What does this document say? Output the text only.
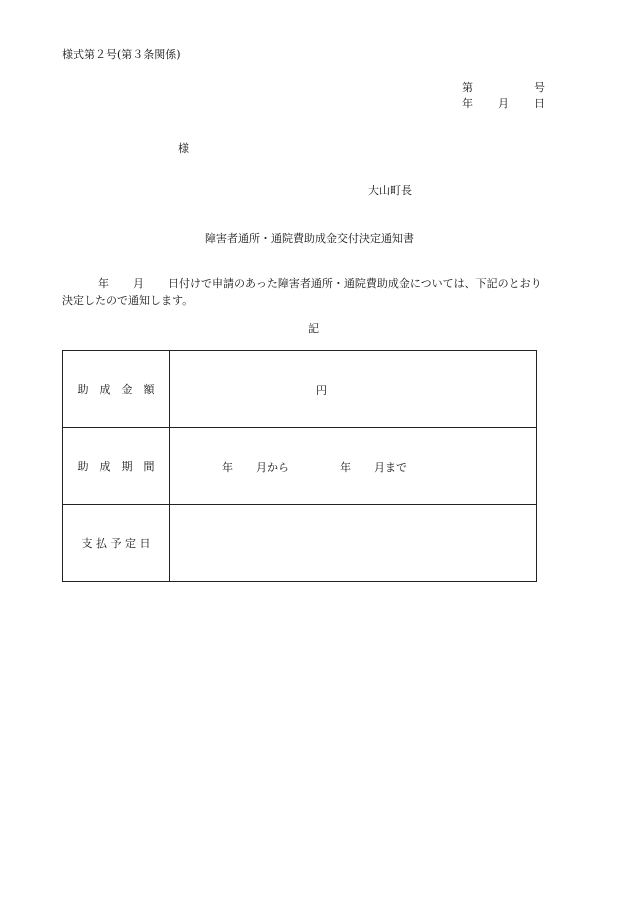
様式第２号(第３条関係)
第	号
年 月 日
様
大山町長
障害者通所・通院費助成金交付決定通知書
年 月 日付けで申請のあった障害者通所・通院費助成金については、下記のとおり
決定したので通知します。
記
助　成　金　額	円

助　成　期　間	年 月から 年 月まで

支 払 予 定 日	
